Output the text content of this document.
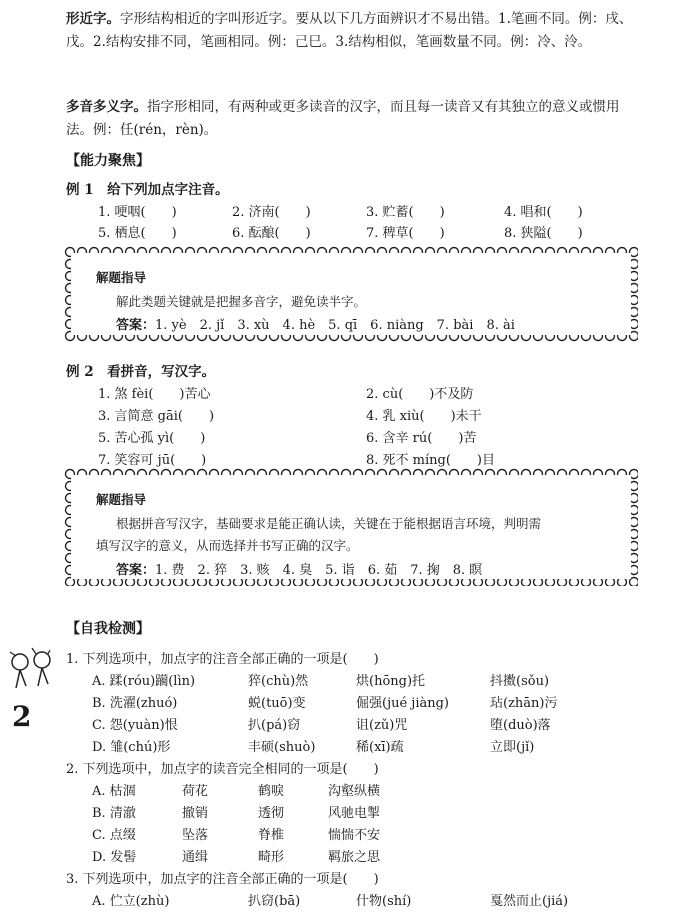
形近字。字形结构相近的字叫形近字。要从以下几方面辨识才不易出错。1.笔画不同。例：戌、戊。2.结构安排不同，笔画相同。例：己巳。3.结构相似，笔画数量不同。例：冷、泠。
多音多义字。指字形相同，有两种或更多读音的汉字，而且每一读音又有其独立的意义或惯用法。例：任(rén，rèn)。
【能力聚焦】
例 1　给下列加点字注音。
1. 哽咽(　　)	2. 济南(　　)	3. 贮蓄(　　)	4. 唱和(　　)
5. 栖息(　　)	6. 酝酿(　　)	7. 稗草(　　)	8. 狭隘(　　)
解题指导
解此类题关键就是把握多音字，避免读半字。
答案：1. yè　2. jǐ　3. xù　4. hè　5. qī　6. niàng　7. bài　8. ài
例 2　看拼音，写汉字。
1. 煞 fèi(　　)苦心	2. cù(　　)不及防
3. 言简意 gāi(　　)	4. 乳 xiù(　　)未干
5. 苦心孤 yì(　　)	6. 含辛 rú(　　)苦
7. 笑容可 jū(　　)	8. 死不 míng(　　)目
解题指导
根据拼音写汉字，基础要求是能正确认读，关键在于能根据语言环境，判明需
填写汉字的意义，从而选择并书写正确的汉字。
答案：1. 费　2. 猝　3. 赅　4. 臭　5. 诣　6. 茹　7. 掬　8. 瞑
【自我检测】
2
1. 下列选项中，加点字的注音全部正确的一项是(　　)
A. 蹂(róu)躏(lìn)	猝(chù)然	烘(hōng)托	抖擞(sǒu)
B. 洗濯(zhuó)	蜕(tuō)变	倔强(jué jiàng)	玷(zhān)污
C. 怨(yuàn)恨	扒(pá)窃	诅(zǔ)咒	堕(duò)落
D. 雏(chú)形	丰硕(shuò)	稀(xī)疏	立即(jǐ)
2. 下列选项中，加点字的读音完全相同的一项是(　　)
A. 枯涸	荷花	鹤唳	沟壑纵横
B. 清澈	撤销	透彻	风驰电掣
C. 点缀	坠落	脊椎	惴惴不安
D. 发髻	通缉	畸形	羁旅之思
3. 下列选项中，加点字的注音全部正确的一项是(　　)
A. 伫立(zhù)	扒窃(bā)	什物(shí)	戛然而止(jiá)
